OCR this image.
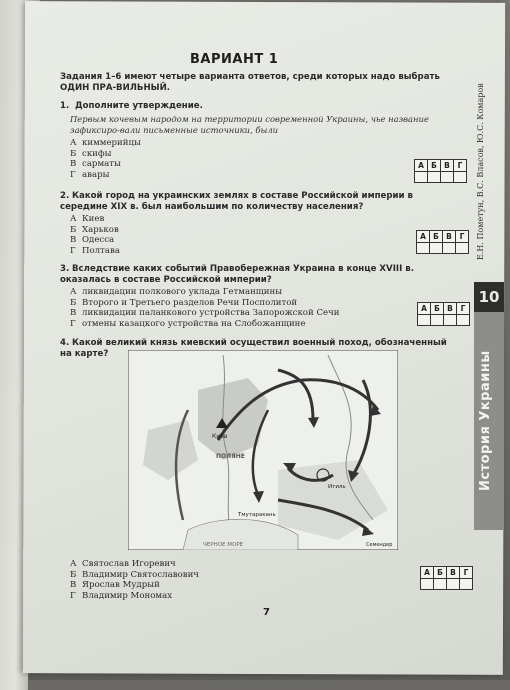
ВАРИАНТ 1
Задания 1–6 имеют четыре варианта ответов, среди которых надо выбрать ОДИН ПРА-ВИЛЬНЫЙ.
1. Дополните утверждение.
Первым кочевым народом на территории современной Украины, чье название зафиксиро-вали письменные источники, были
А киммерийцы
Б скифы
В сарматы
Г авары
А Б В	Г
2. Какой город на украинских землях в составе Российской империи в середине XIX в. был наибольшим по количеству населения?
А Киев
Б Харьков
В Одесса
Г Полтава
А Б В	Г
3. Вследствие каких событий Правобережная Украина в конце XVIII в. оказалась в составе Российской империи?
А ликвидации полкового уклада Гетманщины
Б Второго и Третьего разделов Речи Посполитой
В ликвидации паланкового устройства Запорожской Сечи
Г отмены казацкого устройства на Слобожанщине
А Б В	Г
4. Какой великий князь киевский осуществил военный поход, обозначенный на карте?
Киев
ПОЛЯНЕ
Итиль
Тмутаракань
Семендер
ЧЕРНОЕ МОРЕ
А Святослав Игоревич
Б Владимир Святославович
В Ярослав Мудрый
Г Владимир Мономах
А Б В	Г
7
Е.Н. Пометун, В.С. Власов, Ю.С. Комаров
10
История Украины
